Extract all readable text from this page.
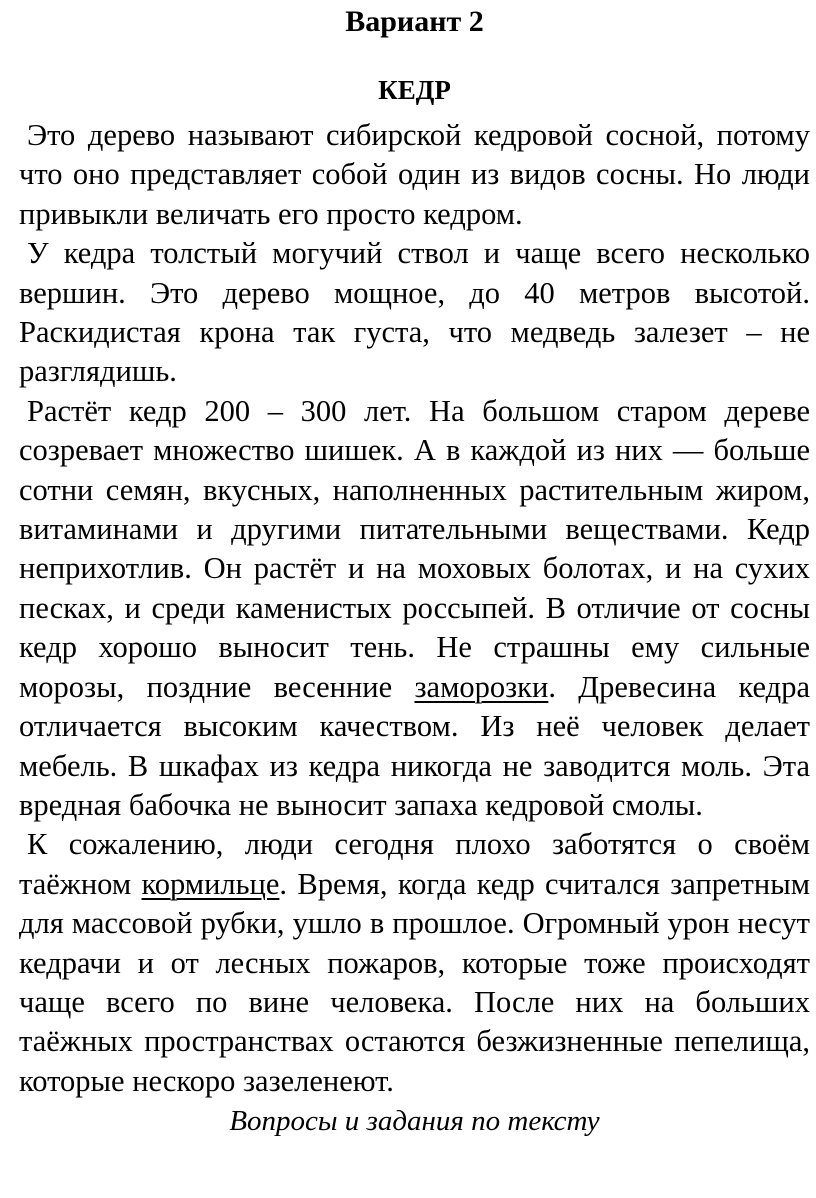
Вариант 2
КЕДР

Это дерево называют сибирской кедровой сосной, потому что оно представляет собой один из видов сосны. Но люди привыкли величать его просто кедром.

У кедра толстый могучий ствол и чаще всего несколько вершин. Это дерево мощное, до 40 метров высотой. Раскидистая крона так густа, что медведь залезет – не разглядишь.

Растёт кедр 200 – 300 лет. На большом старом дереве созревает множество шишек. А в каждой из них — больше сотни семян, вкусных, наполненных растительным жиром, витаминами и другими питательными веществами. Кедр неприхотлив. Он растёт и на моховых болотах, и на сухих песках, и среди каменистых россыпей. В отличие от сосны кедр хорошо выносит тень. Не страшны ему сильные морозы, поздние весенние заморозки. Древесина кедра отличается высоким качеством. Из неё человек делает мебель. В шкафах из кедра никогда не заводится моль. Эта вредная бабочка не выносит запаха кедровой смолы.

К сожалению, люди сегодня плохо заботятся о своём таёжном кормильце. Время, когда кедр считался запретным для массовой рубки, ушло в прошлое. Огромный урон несут кедрачи и от лесных пожаров, которые тоже происходят чаще всего по вине человека. После них на больших таёжных пространствах остаются безжизненные пепелища, которые нескоро зазеленеют.

Вопросы и задания по тексту
